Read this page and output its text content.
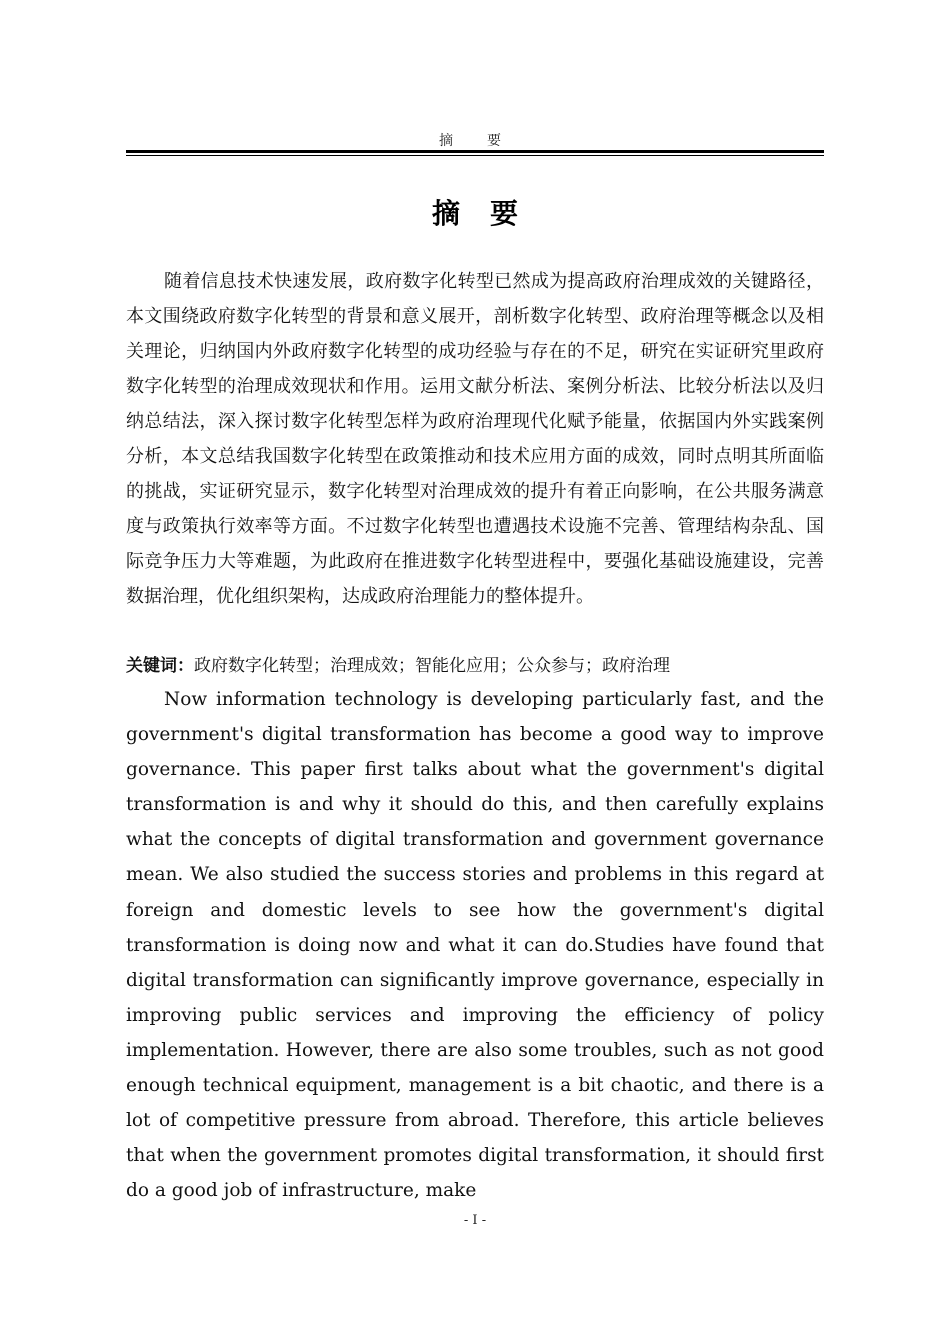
摘　要
摘要

随着信息技术快速发展，政府数字化转型已然成为提高政府治理成效的关键路径，本文围绕政府数字化转型的背景和意义展开，剖析数字化转型、政府治理等概念以及相关理论，归纳国内外政府数字化转型的成功经验与存在的不足，研究在实证研究里政府数字化转型的治理成效现状和作用。运用文献分析法、案例分析法、比较分析法以及归纳总结法，深入探讨数字化转型怎样为政府治理现代化赋予能量，依据国内外实践案例分析，本文总结我国数字化转型在政策推动和技术应用方面的成效，同时点明其所面临的挑战，实证研究显示，数字化转型对治理成效的提升有着正向影响，在公共服务满意度与政策执行效率等方面。不过数字化转型也遭遇技术设施不完善、管理结构杂乱、国际竞争压力大等难题，为此政府在推进数字化转型进程中，要强化基础设施建设，完善数据治理，优化组织架构，达成政府治理能力的整体提升。

关键词：政府数字化转型；治理成效；智能化应用；公众参与；政府治理

Now information technology is developing particularly fast, and the government's digital transformation has become a good way to improve governance. This paper first talks about what the government's digital transformation is and why it should do this, and then carefully explains what the concepts of digital transformation and government governance mean. We also studied the success stories and problems in this regard at foreign and domestic levels to see how the government's digital transformation is doing now and what it can do.Studies have found that digital transformation can significantly improve governance, especially in improving public services and improving the efficiency of policy implementation. However, there are also some troubles, such as not good enough technical equipment, management is a bit chaotic, and there is a lot of competitive pressure from abroad. Therefore, this article believes that when the government promotes digital transformation, it should first do a good job of infrastructure, make

- I -
